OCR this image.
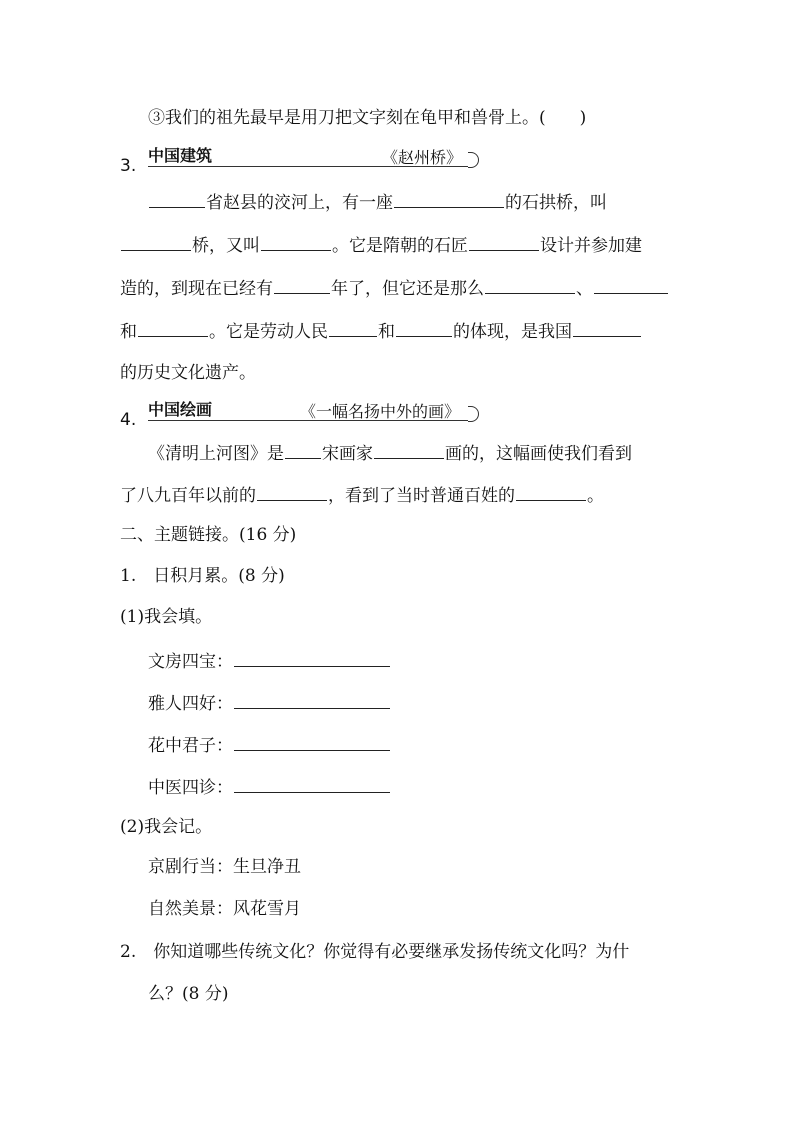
③我们的祖先最早是用刀把文字刻在龟甲和兽骨上。(　　)
3.
中国建筑	《赵州桥》
省赵县的洨河上，有一座	的石拱桥，叫
桥，又叫	。它是隋朝的石匠	设计并参加建
造的，到现在已经有	年了，但它还是那么	、
和	。它是劳动人民	和	的体现，是我国
的历史文化遗产。
4.
中国绘画	《一幅名扬中外的画》
《清明上河图》是 宋画家	画的，这幅画使我们看到
了八九百年以前的	，看到了当时普通百姓的	。
二、主题链接。(16 分)
1.　日积月累。(8 分)
(1)我会填。
文房四宝：
雅人四好：
花中君子：
中医四诊：
(2)我会记。
京剧行当：生旦净丑
自然美景：风花雪月
2.　你知道哪些传统文化？你觉得有必要继承发扬传统文化吗？为什
么？(8 分)
